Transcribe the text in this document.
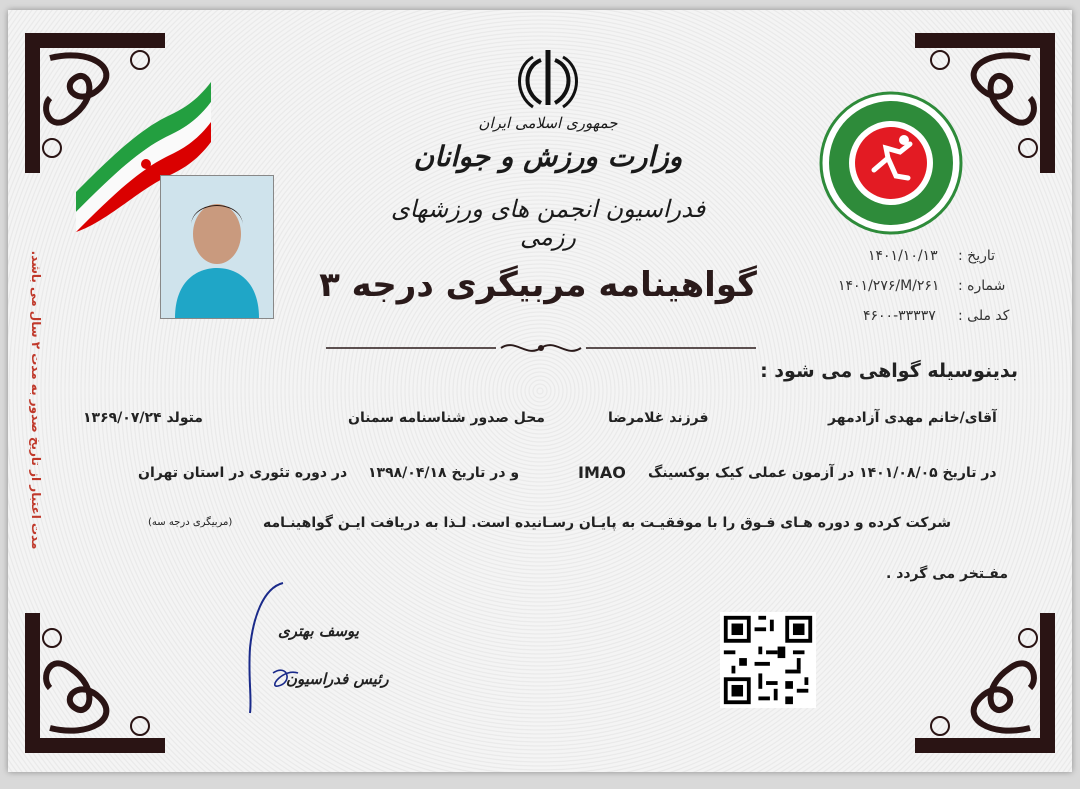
مدت اعتبار از تاریخ صدور به مدت ۲ سال می باشد.
جمهوری اسلامی ایران
وزارت ورزش و جوانان
فدراسیون انجمن های ورزشهای رزمی
گواهینامه مربیگری درجه ۳
تاریخ :
۱۴۰۱/۱۰/۱۳
شماره :
۱۴۰۱/۲۷۶/M/۲۶۱
کد ملی :
۴۶۰۰-۳۳۳۳۷
بدینوسیله گواهی می شود :
آقای/خانم مهدی آزادمهر
فرزند غلامرضا
محل صدور شناسنامه سمنان
متولد ۱۳۶۹/۰۷/۲۴
در تاریخ ۱۴۰۱/۰۸/۰۵ در آزمون عملی کیک بوکسینگ
IMAO
و در تاریخ ۱۳۹۸/۰۴/۱۸
در دوره تئوری در استان تهران
شرکت کرده و دوره هـای فـوق را با موفقیـت به پایـان رسـانیده است. لـذا به دریافت ایـن گواهینـامه
(مربیگری درجه سه)
مفـتخر می گردد .
یوسف بهتری
رئیس فدراسیون
